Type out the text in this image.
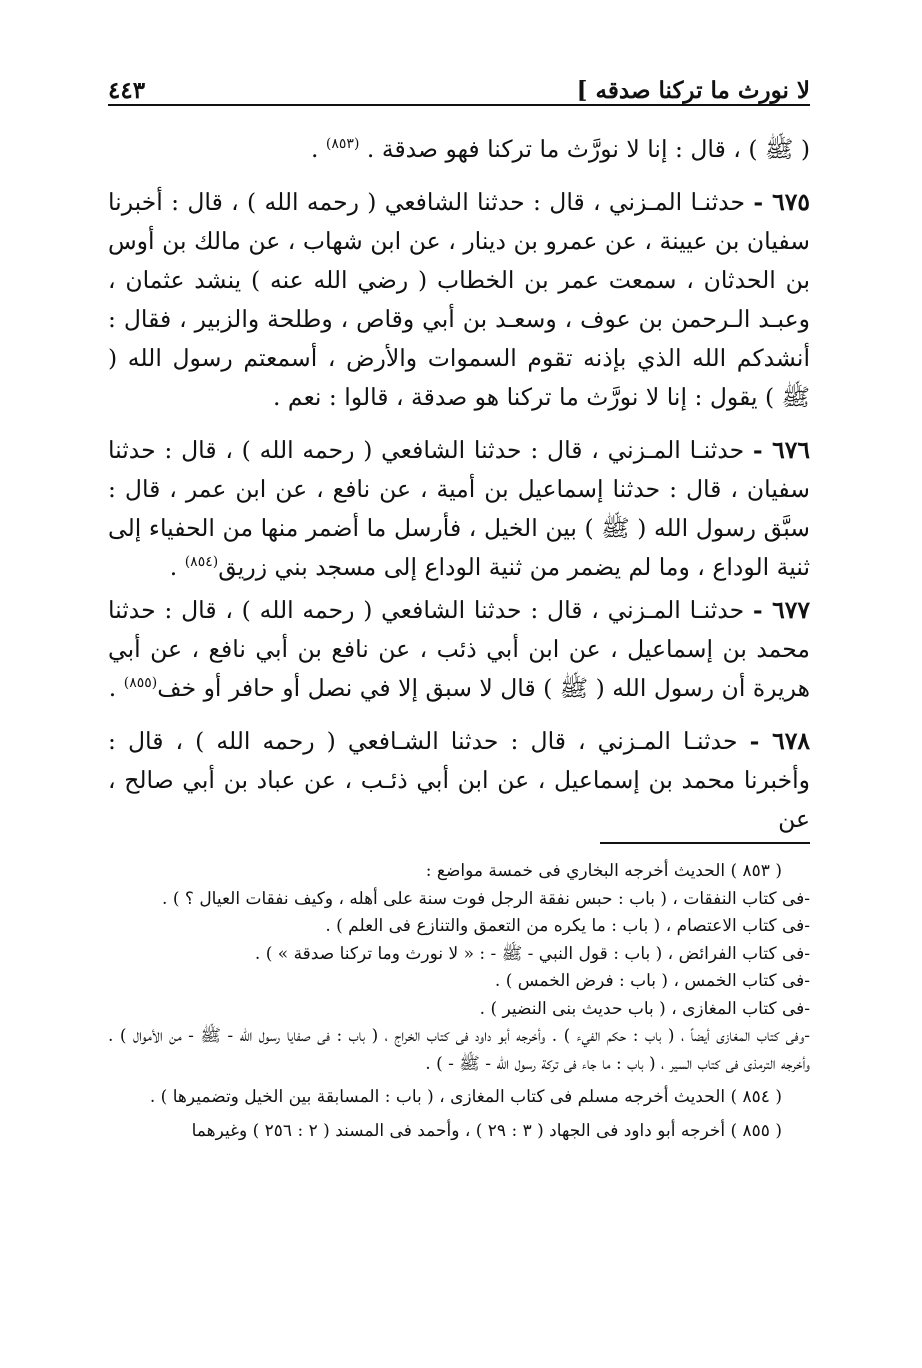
٤٤٣	لا نورث ما تركنا صدقه ]

( ﷺ ) ، قال : إنا لا نورَّث ما تركنا فهو صدقة . $^{(٨٥٣)}$ .

٦٧٥ - حدثنـا المـزني ، قال : حدثنا الشافعي ( رحمه الله ) ، قال : أخبرنا سفيان بن عيينة ، عن عمرو بن دينار ، عن ابن شهاب ، عن مالك بن أوس بن الحدثان ، سمعت عمر بن الخطاب ( رضي الله عنه ) ينشد عثمان ، وعبـد الـرحمن بن عوف ، وسعـد بن أبي وقاص ، وطلحة والزبير ، فقال : أنشدكم الله الذي بإذنه تقوم السموات والأرض ، أسمعتم رسول الله ( ﷺ ) يقول : إنا لا نورَّث ما تركنا هو صدقة ، قالوا : نعم .

٦٧٦ - حدثنـا المـزني ، قال : حدثنا الشافعي ( رحمه الله ) ، قال : حدثنا سفيان ، قال : حدثنا إسماعيل بن أمية ، عن نافع ، عن ابن عمر ، قال : سبَّق رسول الله ( ﷺ ) بين الخيل ، فأرسل ما أضمر منها من الحفياء إلى ثنية الوداع ، وما لم يضمر من ثنية الوداع إلى مسجد بني زريق$^{(٨٥٤)}$ .

٦٧٧ - حدثنـا المـزني ، قال : حدثنا الشافعي ( رحمه الله ) ، قال : حدثنا محمد بن إسماعيل ، عن ابن أبي ذئب ، عن نافع بن أبي نافع ، عن أبي هريرة أن رسول الله ( ﷺ ) قال لا سبق إلا في نصل أو حافر أو خف$^{(٨٥٥)}$ .

٦٧٨ - حدثنـا المـزني ، قال : حدثنا الشـافعي ( رحمه الله ) ، قال : وأخبرنا محمد بن إسماعيل ، عن ابن أبي ذئـب ، عن عباد بن أبي صالح ، عن

( ٨٥٣ ) الحديث أخرجه البخاري فى خمسة مواضع :

-فى كتاب النفقات ، ( باب : حبس نفقة الرجل فوت سنة على أهله ، وكيف نفقات العيال ؟ ) .

-فى كتاب الاعتصام ، ( باب : ما يكره من التعمق والتنازع فى العلم ) .

-فى كتاب الفرائض ، ( باب : قول النبي - ﷺ - : « لا نورث وما تركنا صدقة » ) .

-فى كتاب الخمس ، ( باب : فرض الخمس ) .

-فى كتاب المغازى ، ( باب حديث بنى النضير ) .

-وفى كتاب المغازى أيضاً ، ( باب : حكم الفيء ) . وأخرجه أبو داود فى كتاب الخراج ، ( باب : فى صفايا رسول الله - ﷺ - من الأموال ) . وأخرجه الترمذى فى كتاب السير ، ( باب : ما جاء فى تركة رسول الله - ﷺ - ) .

( ٨٥٤ ) الحديث أخرجه مسلم فى كتاب المغازى ، ( باب : المسابقة بين الخيل وتضميرها ) .

( ٨٥٥ ) أخرجه أبو داود فى الجهاد ( ٣ : ٢٩ ) ، وأحمد فى المسند ( ٢ : ٢٥٦ ) وغيرهما
